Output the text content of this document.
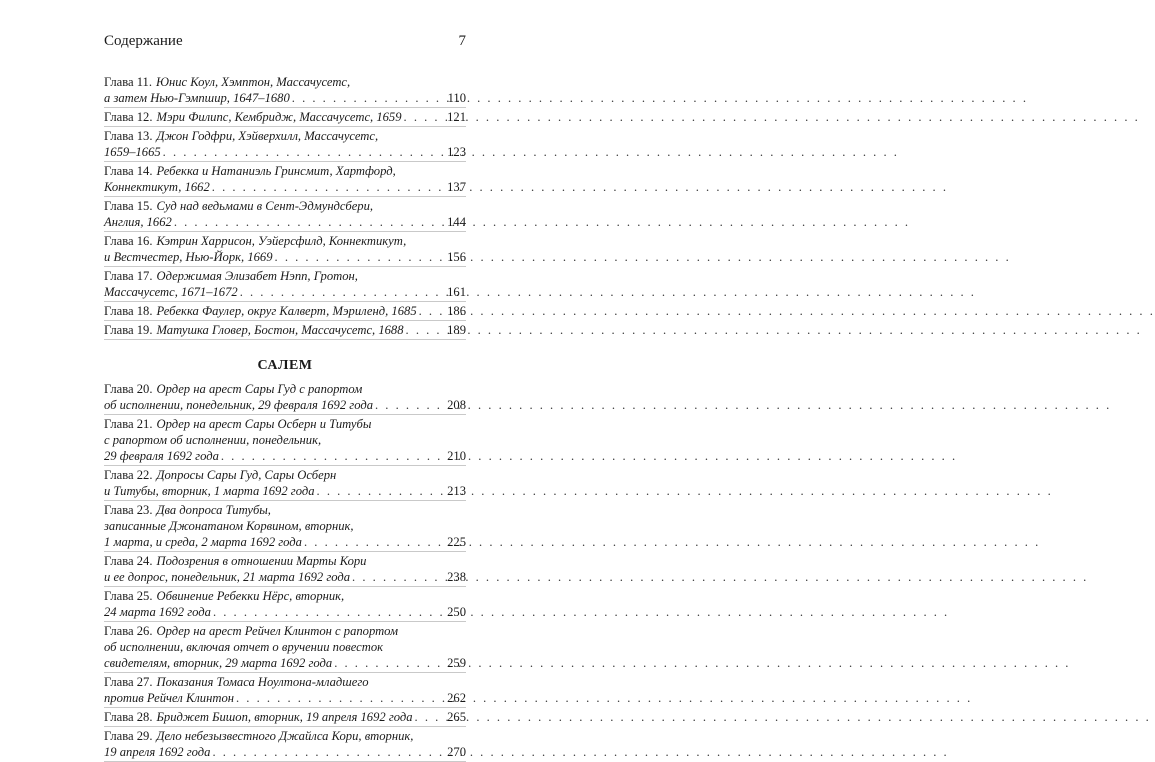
Содержание	7
Глава 11. Юнис Коул, Хэмптон, Массачусетс,
а затем Нью-Гэмпшир, 1647–1680 . . .	110
Глава 12. Мэри Филипс, Кембридж, Массачусетс, 1659 . . .	121
Глава 13. Джон Годфри, Хэйверхилл, Массачусетс,
1659–1665 . . .	123
Глава 14. Ребекка и Натаниэль Гринсмит, Хартфорд,
Коннектикут, 1662 . . .	137
Глава 15. Суд над ведьмами в Сент-Эдмундсбери,
Англия, 1662 . . .	144
Глава 16. Кэтрин Харрисон, Уэйерсфилд, Коннектикут,
и Вестчестер, Нью-Йорк, 1669 . . .	156
Глава 17. Одержимая Элизабет Нэпп, Гротон,
Массачусетс, 1671–1672 . . .	161
Глава 18. Ребекка Фаулер, округ Калверт, Мэриленд, 1685 . . . 186
Глава 19. Матушка Гловер, Бостон, Массачусетс, 1688 . . .	189
САЛЕМ
Глава 20. Ордер на арест Сары Гуд с рапортом
об исполнении, понедельник, 29 февраля 1692 года . . .	208
Глава 21. Ордер на арест Сары Осберн и Титубы
с рапортом об исполнении, понедельник,
29 февраля 1692 года . . .	210
Глава 22. Допросы Сары Гуд, Сары Осберн
и Титубы, вторник, 1 марта 1692 года . . .	213
Глава 23. Два допроса Титубы,
записанные Джонатаном Корвином, вторник,
1 марта, и среда, 2 марта 1692 года . . .	225
Глава 24. Подозрения в отношении Марты Кори
и ее допрос, понедельник, 21 марта 1692 года . . .	238
Глава 25. Обвинение Ребекки Нёрс, вторник,
24 марта 1692 года . . .	250
Глава 26. Ордер на арест Рейчел Клинтон с рапортом
об исполнении, включая отчет о вручении повесток
свидетелям, вторник, 29 марта 1692 года . . .	259
Глава 27. Показания Томаса Ноултона-младшего
против Рейчел Клинтон . . .	262
Глава 28. Бриджет Бишоп, вторник, 19 апреля 1692 года . . .	265
Глава 29. Дело небезызвестного Джайлса Кори, вторник,
19 апреля 1692 года . . .	270
